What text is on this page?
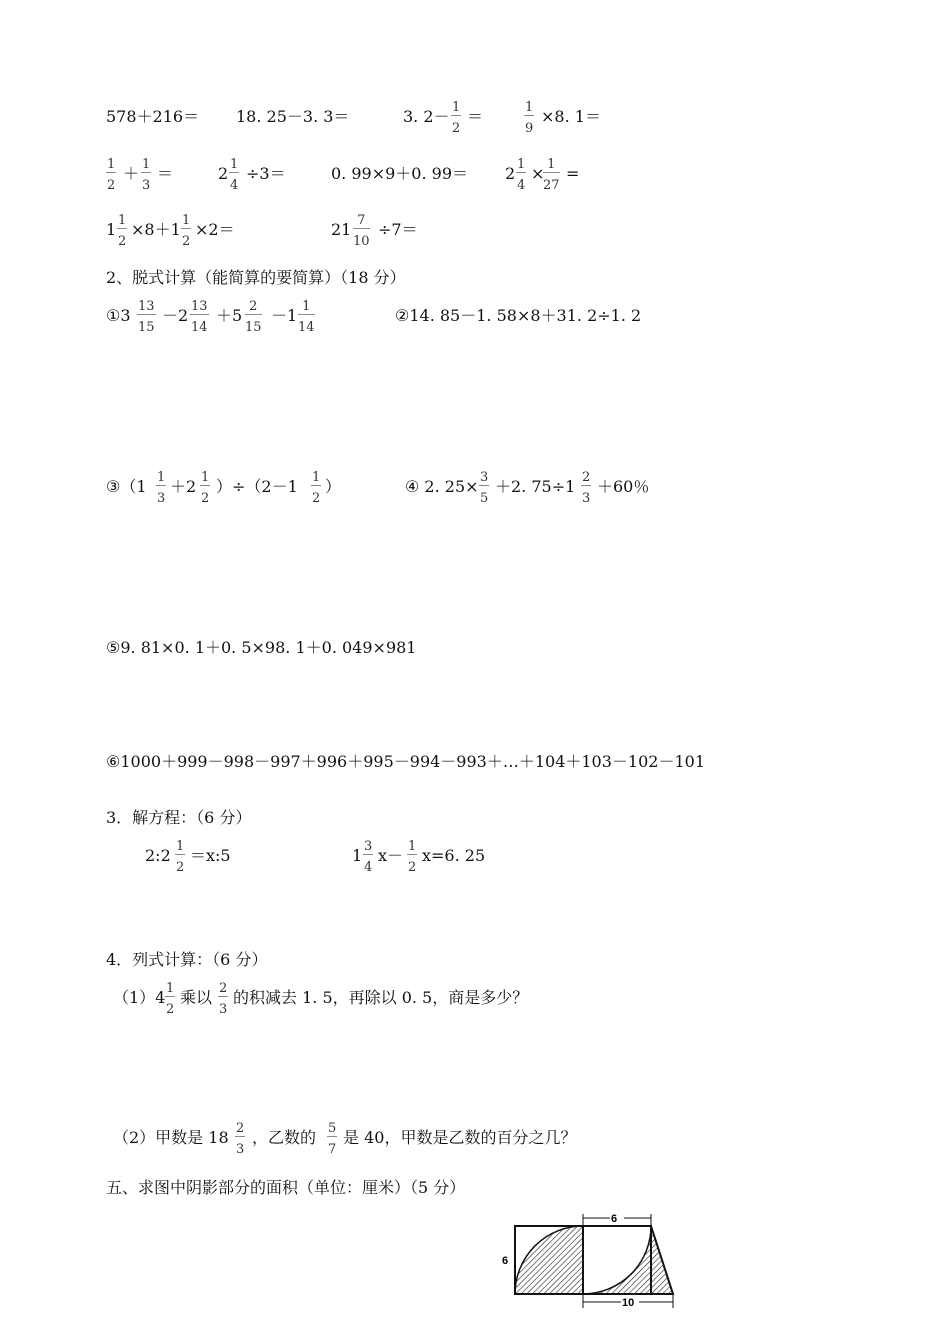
578＋216＝ 18. 25－3. 3＝	3. 2－ 1
2
＝	1
9
×8. 1＝
1
2
＋ 1
3
＝	2 1
4
÷3＝	0. 99×9＋0. 99＝ 2 1
4
× 1
27
=
1 1
2
×8＋1 1
2
×2＝	21 7
10
÷7＝
2、脱式计算（能简算的要简算）（18 分）
①3 13
15
－2 13
14
＋5 2
15
－1 1
14
②14. 85－1. 58×8＋31. 2÷1. 2
③（1 1
3
＋2 1
2
）÷（2－1 1
2
）	④ 2. 25× 3
5
＋2. 75÷1 2
3
＋60％
⑤9. 81×0. 1＋0. 5×98. 1＋0. 049×981
⑥1000＋999－998－997＋996＋995－994－993＋…＋104＋103－102－101
3．解方程：（6 分）
2:2 1
2
＝x:5	1 3
4
x－ 1
2
x=6. 25
4．列式计算：（6 分）
（1）4 1
2
乘以 2
3
的积减去 1. 5，再除以 0. 5，商是多少？
（2）甲数是 18 2
3
，乙数的 5
7
是 40，甲数是乙数的百分之几？
五、求图中阴影部分的面积（单位：厘米）（5 分）
6
6
10
